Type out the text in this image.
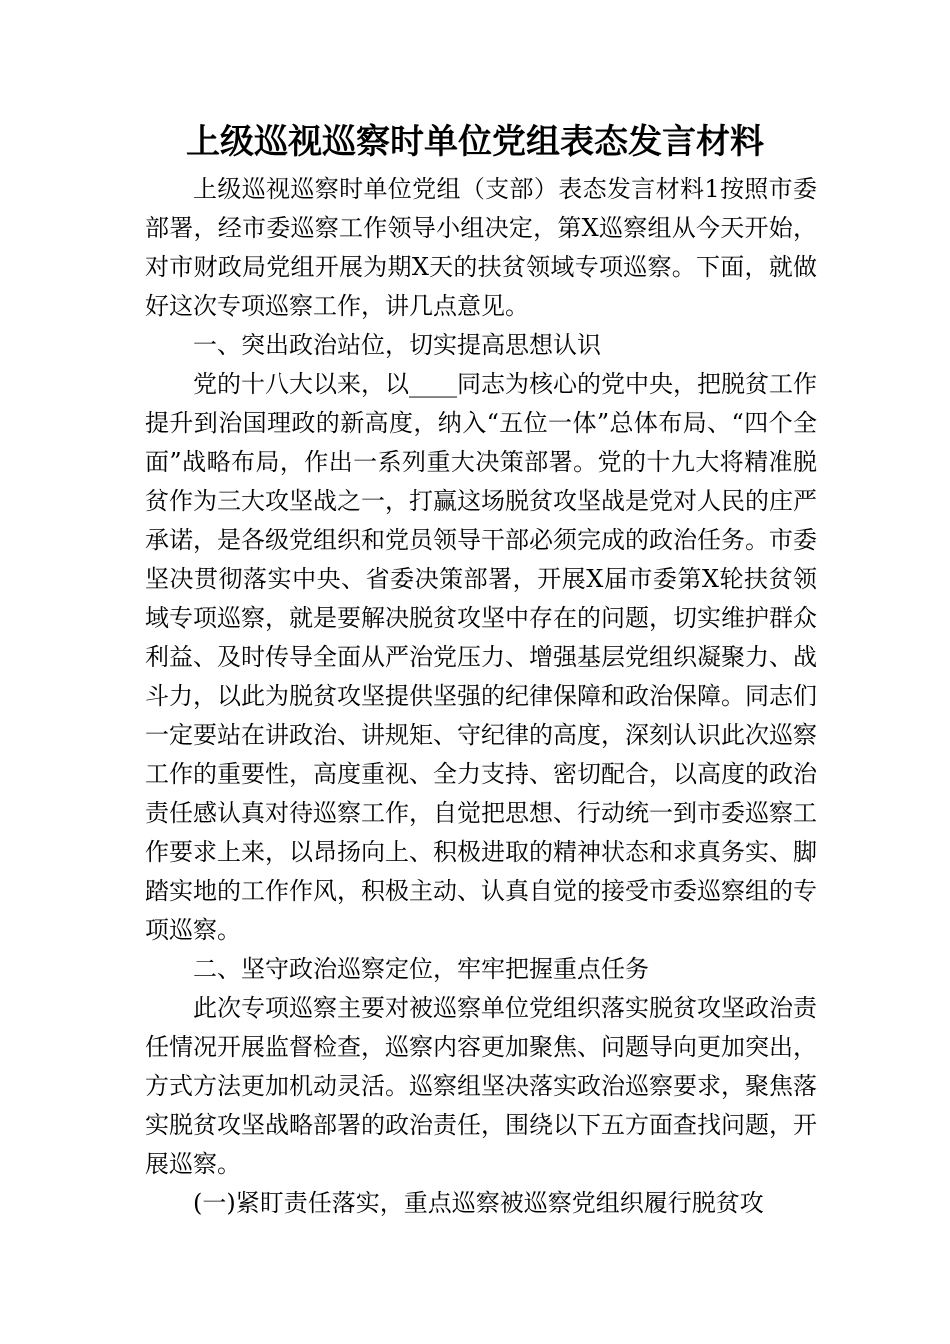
上级巡视巡察时单位党组表态发言材料

上级巡视巡察时单位党组（支部）表态发言材料1按照市委部署，经市委巡察工作领导小组决定，第X巡察组从今天开始，对市财政局党组开展为期X天的扶贫领域专项巡察。下面，就做好这次专项巡察工作，讲几点意见。

一、突出政治站位，切实提高思想认识

党的十八大以来，以____同志为核心的党中央，把脱贫工作提升到治国理政的新高度，纳入“五位一体”总体布局、“四个全面”战略布局，作出一系列重大决策部署。党的十九大将精准脱贫作为三大攻坚战之一，打赢这场脱贫攻坚战是党对人民的庄严承诺，是各级党组织和党员领导干部必须完成的政治任务。市委坚决贯彻落实中央、省委决策部署，开展X届市委第X轮扶贫领域专项巡察，就是要解决脱贫攻坚中存在的问题，切实维护群众利益、及时传导全面从严治党压力、增强基层党组织凝聚力、战斗力，以此为脱贫攻坚提供坚强的纪律保障和政治保障。同志们一定要站在讲政治、讲规矩、守纪律的高度，深刻认识此次巡察工作的重要性，高度重视、全力支持、密切配合，以高度的政治责任感认真对待巡察工作，自觉把思想、行动统一到市委巡察工作要求上来，以昂扬向上、积极进取的精神状态和求真务实、脚踏实地的工作作风，积极主动、认真自觉的接受市委巡察组的专项巡察。

二、坚守政治巡察定位，牢牢把握重点任务

此次专项巡察主要对被巡察单位党组织落实脱贫攻坚政治责任情况开展监督检查，巡察内容更加聚焦、问题导向更加突出，方式方法更加机动灵活。巡察组坚决落实政治巡察要求，聚焦落实脱贫攻坚战略部署的政治责任，围绕以下五方面查找问题，开展巡察。

(一)紧盯责任落实，重点巡察被巡察党组织履行脱贫攻
